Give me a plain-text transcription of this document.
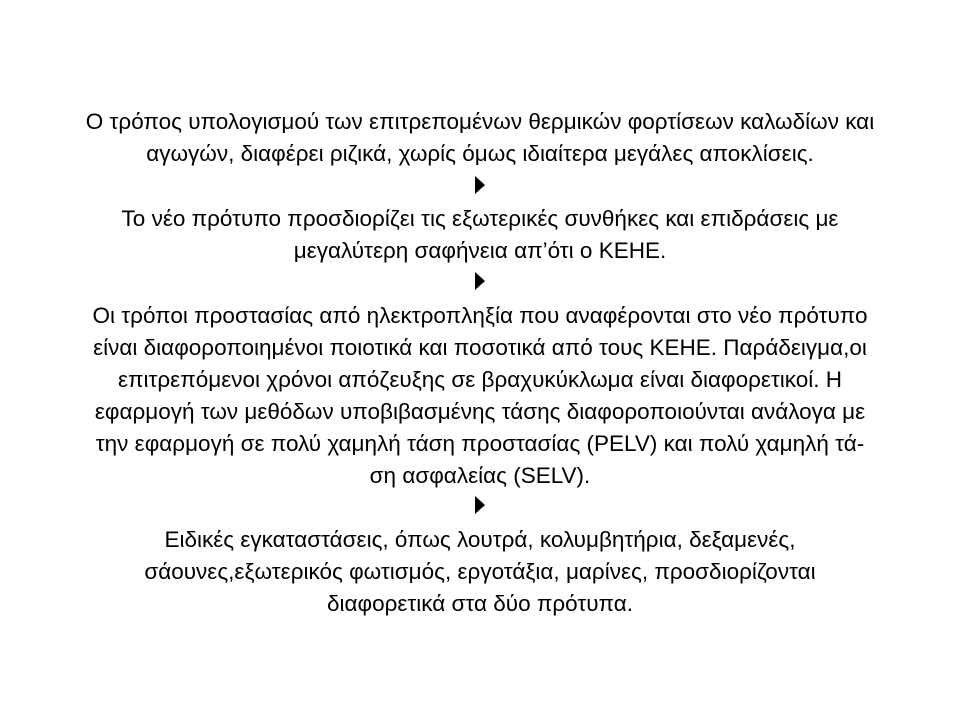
Ο τρόπος υπολογισμού των επιτρεπομένων θερμικών φορτίσεων καλωδίων και
αγωγών, διαφέρει ριζικά, χωρίς όμως ιδιαίτερα μεγάλες αποκλίσεις.
Το νέο πρότυπο προσδιορίζει τις εξωτερικές συνθήκες και επιδράσεις με
μεγαλύτερη σαφήνεια απ’ότι ο ΚΕΗΕ.
Οι τρόποι προστασίας από ηλεκτροπληξία που αναφέρονται στο νέο πρότυπο
είναι διαφοροποιημένοι ποιοτικά και ποσοτικά από τους ΚΕΗΕ. Παράδειγμα,οι
επιτρεπόμενοι χρόνοι απόζευξης σε βραχυκύκλωμα είναι διαφορετικοί. Η
εφαρμογή των μεθόδων υποβιβασμένης τάσης διαφοροποιούνται ανάλογα με
την εφαρμογή σε πολύ χαμηλή τάση προστασίας (PELV) και πολύ χαμηλή τά-
ση ασφαλείας (SELV).
Ειδικές εγκαταστάσεις, όπως λουτρά, κολυμβητήρια, δεξαμενές,
σάουνες,εξωτερικός φωτισμός, εργοτάξια, μαρίνες, προσδιορίζονται
διαφορετικά στα δύο πρότυπα.
